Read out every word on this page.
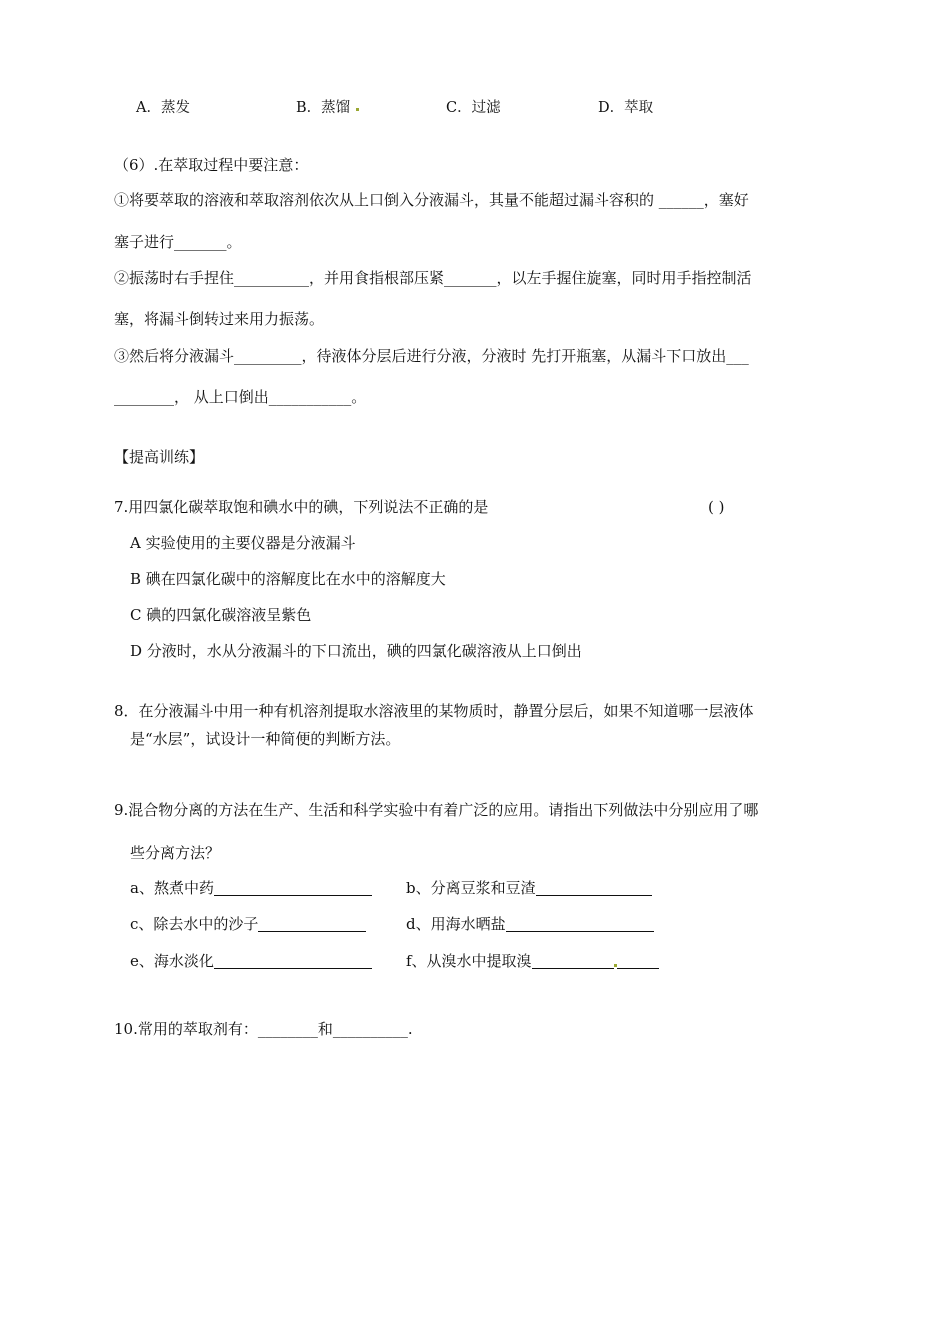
A．蒸发	B．蒸馏	C．过滤	D．萃取
（6）.在萃取过程中要注意：
①将要萃取的溶液和萃取溶剂依次从上口倒入分液漏斗，其量不能超过漏斗容积的 ______，塞好
塞子进行_______。
②振荡时右手捏住__________，并用食指根部压紧_______，以左手握住旋塞，同时用手指控制活
塞，将漏斗倒转过来用力振荡。
③然后将分液漏斗_________，待液体分层后进行分液，分液时 先打开瓶塞，从漏斗下口放出___
________， 从上口倒出___________。
【提高训练】
7.用四氯化碳萃取饱和碘水中的碘，下列说法不正确的是	( )
A 实验使用的主要仪器是分液漏斗
B 碘在四氯化碳中的溶解度比在水中的溶解度大
C 碘的四氯化碳溶液呈紫色
D 分液时，水从分液漏斗的下口流出，碘的四氯化碳溶液从上口倒出
8．在分液漏斗中用一种有机溶剂提取水溶液里的某物质时，静置分层后，如果不知道哪一层液体
是“水层”，试设计一种简便的判断方法。
9.混合物分离的方法在生产、生活和科学实验中有着广泛的应用。请指出下列做法中分别应用了哪
些分离方法？
a、熬煮中药	b、分离豆浆和豆渣
c、除去水中的沙子	d、用海水晒盐
e、海水淡化	f、从溴水中提取溴
10.常用的萃取剂有：________和__________.
